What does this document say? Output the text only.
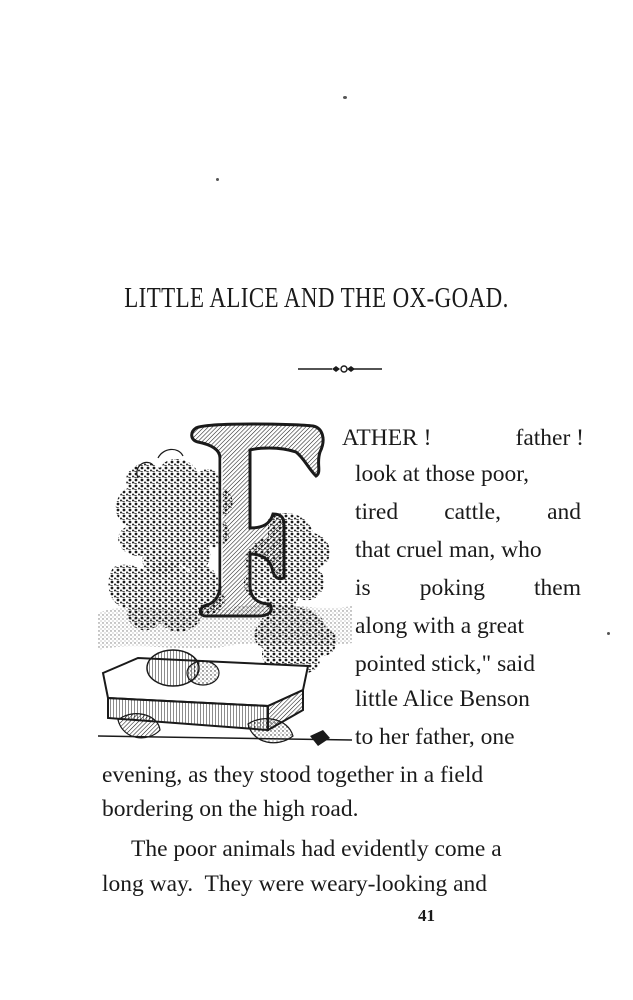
LITTLE ALICE AND THE OX-GOAD.
ATHER !	father !
look at those poor,
tired cattle, and
that cruel man, who
is poking them
along with a great
pointed stick," said
little Alice Benson
to her father, one
evening, as they stood together in a field
bordering on the high road.
The poor animals had evidently come a
long way.  They were weary-looking and
41
